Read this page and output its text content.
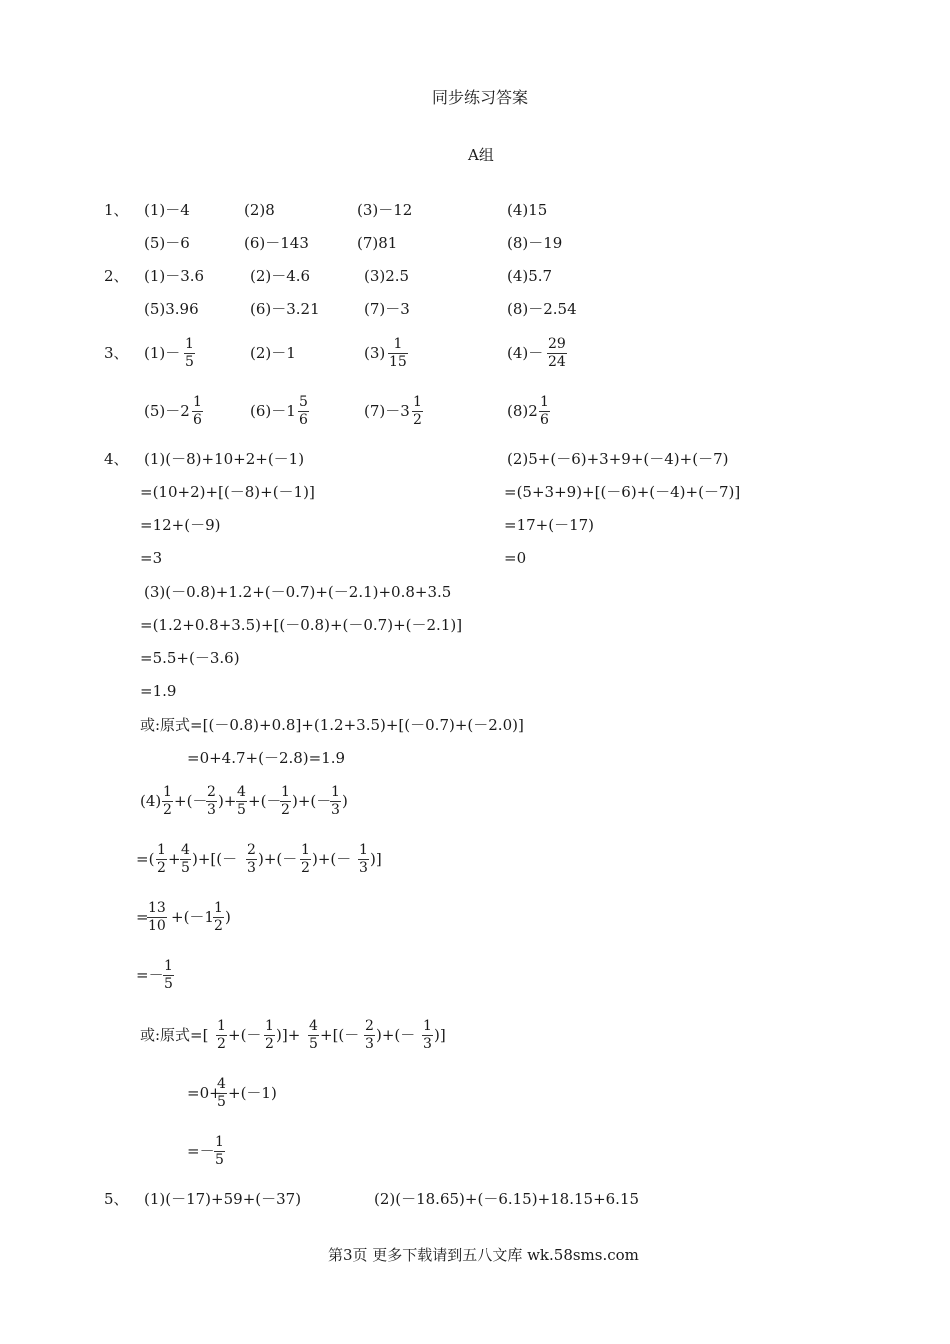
同步练习答案
A组
1、 (1)－4	(2)8	(3)－12	(4)15
(5)－6	(6)－143	(7)81	(8)－19
2、 (1)－3.6	(2)－4.6	(3)2.5	(4)5.7
(5)3.96	(6)－3.21	(7)－3	(8)－2.54
3、 $(1)- \frac{1}{5}$	(2)－1	$(3) \frac{1}{15}$	$(4)- \frac{29}{24}$
$(5)-2 \frac{1}{6}$	$(6)-1 \frac{5}{6}$	$(7)-3 \frac{1}{2}$	$(8)2 \frac{1}{6}$
4、 (1)(－8)+10+2+(－1)
=(10+2)+[(－8)+(－1)]
=12+(－9)
=3
(2)5+(－6)+3+9+(－4)+(－7)
=(5+3+9)+[(－6)+(－4)+(－7)]
=17+(－17)
=0
(3)(－0.8)+1.2+(－0.7)+(－2.1)+0.8+3.5
=(1.2+0.8+3.5)+[(－0.8)+(－0.7)+(－2.1)]
=5.5+(－3.6)
=1.9
或:原式=[(－0.8)+0.8]+(1.2+3.5)+[(－0.7)+(－2.0)]
=0+4.7+(－2.8)=1.9
$(4) \frac{1}{2}$ +(－
$\frac{2}{3}$ )+ $\frac{4}{5}$ +(－
$\frac{1}{2}$ )+(－
$\frac{1}{3}$ )
=( $\frac{1}{2} + \frac{4}{5}$ )+[(－ $\frac{2}{3}$ )+(－ $\frac{1}{2}$ )+(－ $\frac{1}{3}$ )]
=
$\frac{13}{10} +(-1 \frac{1}{2}$ )
=－ $\frac{1}{5}$
或:原式=[ $\frac{1}{2}$ +(－ $\frac{1}{2}$ )]+ $\frac{4}{5}$ +[(－ $\frac{2}{3}$ )+(－ $\frac{1}{3}$ )]
=0+
$\frac{4}{5} +(-1)$
=－ $\frac{1}{5}$
5、 (1)(－17)+59+(－37)	(2)(－18.65)+(－6.15)+18.15+6.15
第3页 更多下载请到五八文库 wk.58sms.com
